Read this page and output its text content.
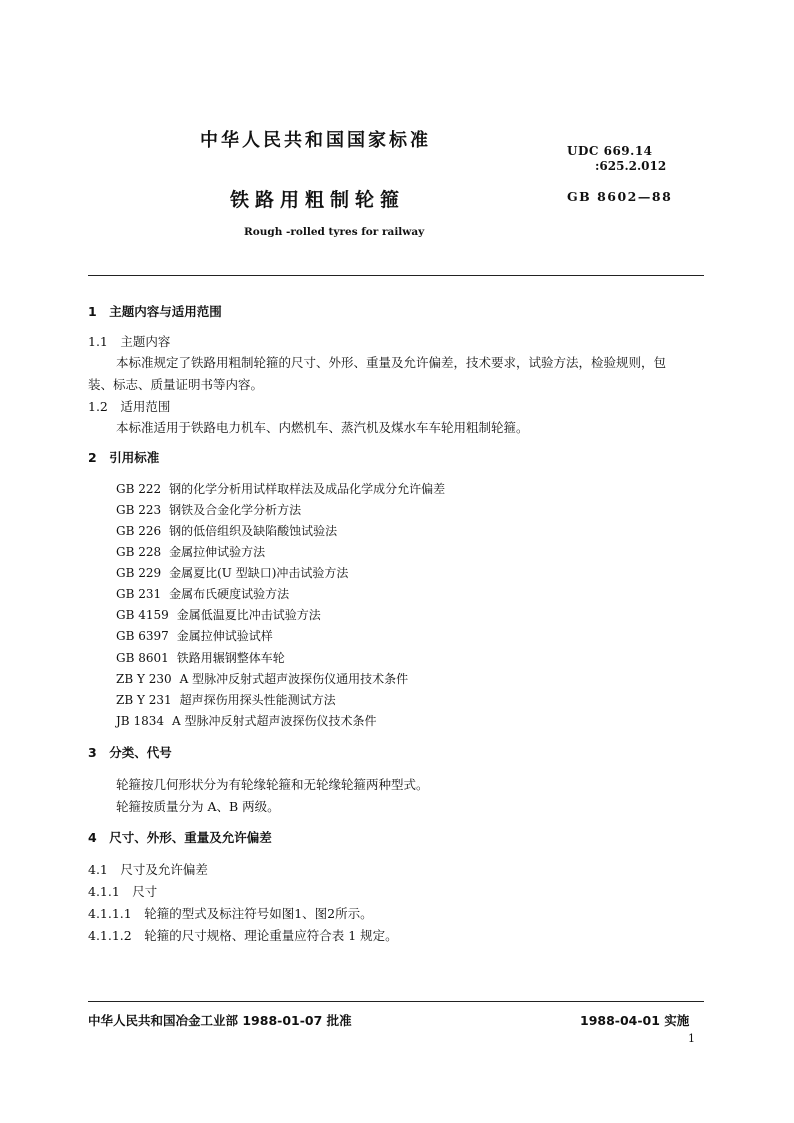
中华人民共和国国家标准	UDC 669.14
:625.2.012
铁路用粗制轮箍	GB 8602—88
Rough -rolled tyres for railway
1　主题内容与适用范围
1.1　主题内容
本标准规定了铁路用粗制轮箍的尺寸、外形、重量及允许偏差，技术要求，试验方法，检验规则，包
装、标志、质量证明书等内容。
1.2　适用范围
本标准适用于铁路电力机车、内燃机车、蒸汽机及煤水车车轮用粗制轮箍。
2　引用标准
GB 222 钢的化学分析用试样取样法及成品化学成分允许偏差
GB 223 钢铁及合金化学分析方法
GB 226 钢的低倍组织及缺陷酸蚀试验法
GB 228 金属拉伸试验方法
GB 229 金属夏比(U 型缺口)冲击试验方法
GB 231 金属布氏硬度试验方法
GB 4159 金属低温夏比冲击试验方法
GB 6397 金属拉伸试验试样
GB 8601 铁路用辗钢整体车轮
ZB Y 230 A 型脉冲反射式超声波探伤仪通用技术条件
ZB Y 231 超声探伤用探头性能测试方法
JB 1834 A 型脉冲反射式超声波探伤仪技术条件
3　分类、代号
轮箍按几何形状分为有轮缘轮箍和无轮缘轮箍两种型式。
轮箍按质量分为 A、B 两级。
4　尺寸、外形、重量及允许偏差
4.1　尺寸及允许偏差
4.1.1　尺寸
4.1.1.1　轮箍的型式及标注符号如图1、图2所示。
4.1.1.2　轮箍的尺寸规格、理论重量应符合表 1 规定。
中华人民共和国冶金工业部 1988-01-07 批准	1988-04-01 实施
1
